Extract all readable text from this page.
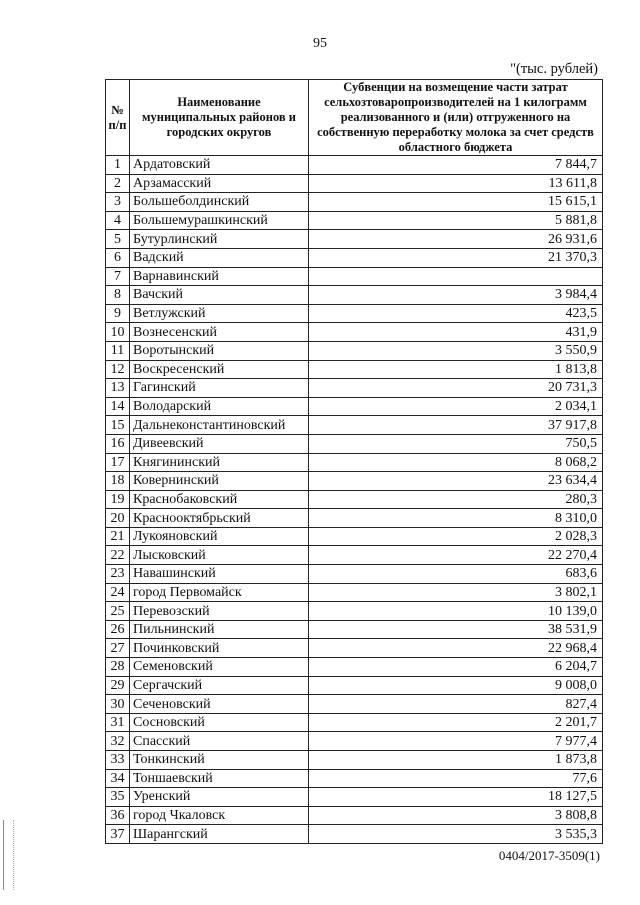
95
"(тыс. рублей)
№ п/п	Наименование муниципальных районов и городских округов	Субвенции на возмещение части затрат сельхозтоваропроизводителей на 1 килограмм реализованного и (или) отгруженного на собственную переработку молока за счет средств областного бюджета
1	Ардатовский	7 844,7
2	Арзамасский	13 611,8
3	Большеболдинский	15 615,1
4	Большемурашкинский	5 881,8
5	Бутурлинский	26 931,6
6	Вадский	21 370,3
7	Варнавинский	
8	Вачский	3 984,4
9	Ветлужский	423,5
10	Вознесенский	431,9
11	Воротынский	3 550,9
12	Воскресенский	1 813,8
13	Гагинский	20 731,3
14	Володарский	2 034,1
15	Дальнеконстантиновский	37 917,8
16	Дивеевский	750,5
17	Княгининский	8 068,2
18	Ковернинский	23 634,4
19	Краснобаковский	280,3
20	Краснооктябрьский	8 310,0
21	Лукояновский	2 028,3
22	Лысковский	22 270,4
23	Навашинский	683,6
24	город Первомайск	3 802,1
25	Перевозский	10 139,0
26	Пильнинский	38 531,9
27	Починковский	22 968,4
28	Семеновский	6 204,7
29	Сергачский	9 008,0
30	Сеченовский	827,4
31	Сосновский	2 201,7
32	Спасский	7 977,4
33	Тонкинский	1 873,8
34	Тоншаевский	77,6
35	Уренский	18 127,5
36	город Чкаловск	3 808,8
37	Шарангский	3 535,3
0404/2017-3509(1)
